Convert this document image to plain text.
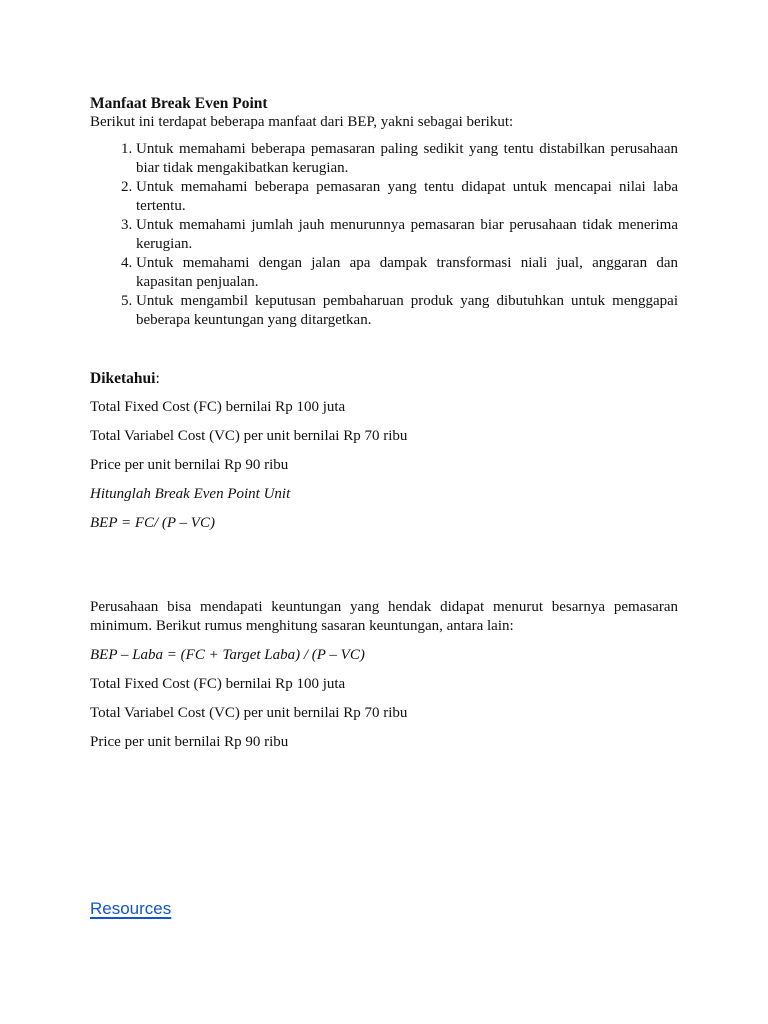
Manfaat Break Even Point

Berikut ini terdapat beberapa manfaat dari BEP, yakni sebagai berikut:

1. Untuk memahami beberapa pemasaran paling sedikit yang tentu distabilkan perusahaan biar tidak mengakibatkan kerugian.
2. Untuk memahami beberapa pemasaran yang tentu didapat untuk mencapai nilai laba tertentu.
3. Untuk memahami jumlah jauh menurunnya pemasaran biar perusahaan tidak menerima kerugian.
4. Untuk memahami dengan jalan apa dampak transformasi niali jual, anggaran dan kapasitan penjualan.
5. Untuk mengambil keputusan pembaharuan produk yang dibutuhkan untuk menggapai beberapa keuntungan yang ditargetkan.

Diketahui:

Total Fixed Cost (FC) bernilai Rp 100 juta

Total Variabel Cost (VC) per unit bernilai Rp 70 ribu

Price per unit bernilai Rp 90 ribu

Hitunglah Break Even Point Unit

BEP = FC/ (P – VC)

Perusahaan bisa mendapati keuntungan yang hendak didapat menurut besarnya pemasaran minimum. Berikut rumus menghitung sasaran keuntungan, antara lain:

BEP – Laba = (FC + Target Laba) / (P – VC)

Total Fixed Cost (FC) bernilai Rp 100 juta

Total Variabel Cost (VC) per unit bernilai Rp 70 ribu

Price per unit bernilai Rp 90 ribu

Resources
